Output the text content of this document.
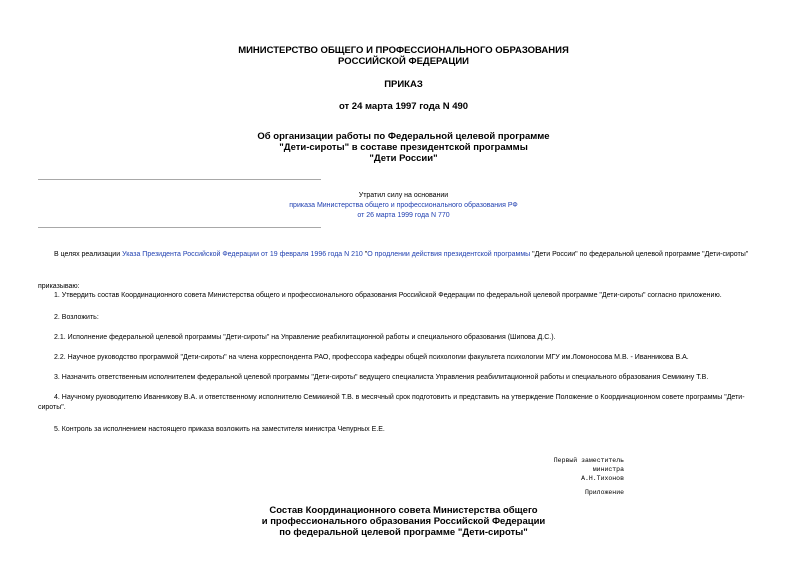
МИНИСТЕРСТВО ОБЩЕГО И ПРОФЕССИОНАЛЬНОГО ОБРАЗОВАНИЯ
РОССИЙСКОЙ ФЕДЕРАЦИИ
ПРИКАЗ
от 24 марта 1997 года N 490
Об организации работы по Федеральной целевой программе
"Дети-сироты" в составе президентской программы
"Дети России"
Утратил силу на основании
приказа Министерства общего и профессионального образования РФ
от 26 марта 1999 года N 770
В целях реализации Указа Президента Российской Федерации от 19 февраля 1996 года N 210 "О продлении действия президентской программы "Дети России" по федеральной целевой программе "Дети-сироты"
приказываю:
1. Утвердить состав Координационного совета Министерства общего и профессионального образования Российской Федерации по федеральной целевой программе "Дети-сироты" согласно приложению.
2. Возложить:
2.1. Исполнение федеральной целевой программы "Дети-сироты" на Управление реабилитационной работы и специального образования (Шипова Д.С.).
2.2. Научное руководство программой "Дети-сироты" на члена корреспондента РАО, профессора кафедры общей психологии факультета психологии МГУ им.Ломоносова М.В. - Иванникова В.А.
3. Назначить ответственным исполнителем федеральной целевой программы "Дети-сироты" ведущего специалиста Управления реабилитационной работы и специального образования Семикину Т.В.
4. Научному руководителю Иванникову В.А. и ответственному исполнителю Семикиной Т.В. в месячный срок подготовить и представить на утверждение Положение о Координационном совете программы "Дети-сироты".
5. Контроль за исполнением настоящего приказа возложить на заместителя министра Чепурных Е.Е.
Первый заместитель
министра
А.Н.Тихонов
Приложение
Состав Координационного совета Министерства общего
и профессионального образования Российской Федерации
по федеральной целевой программе "Дети-сироты"
